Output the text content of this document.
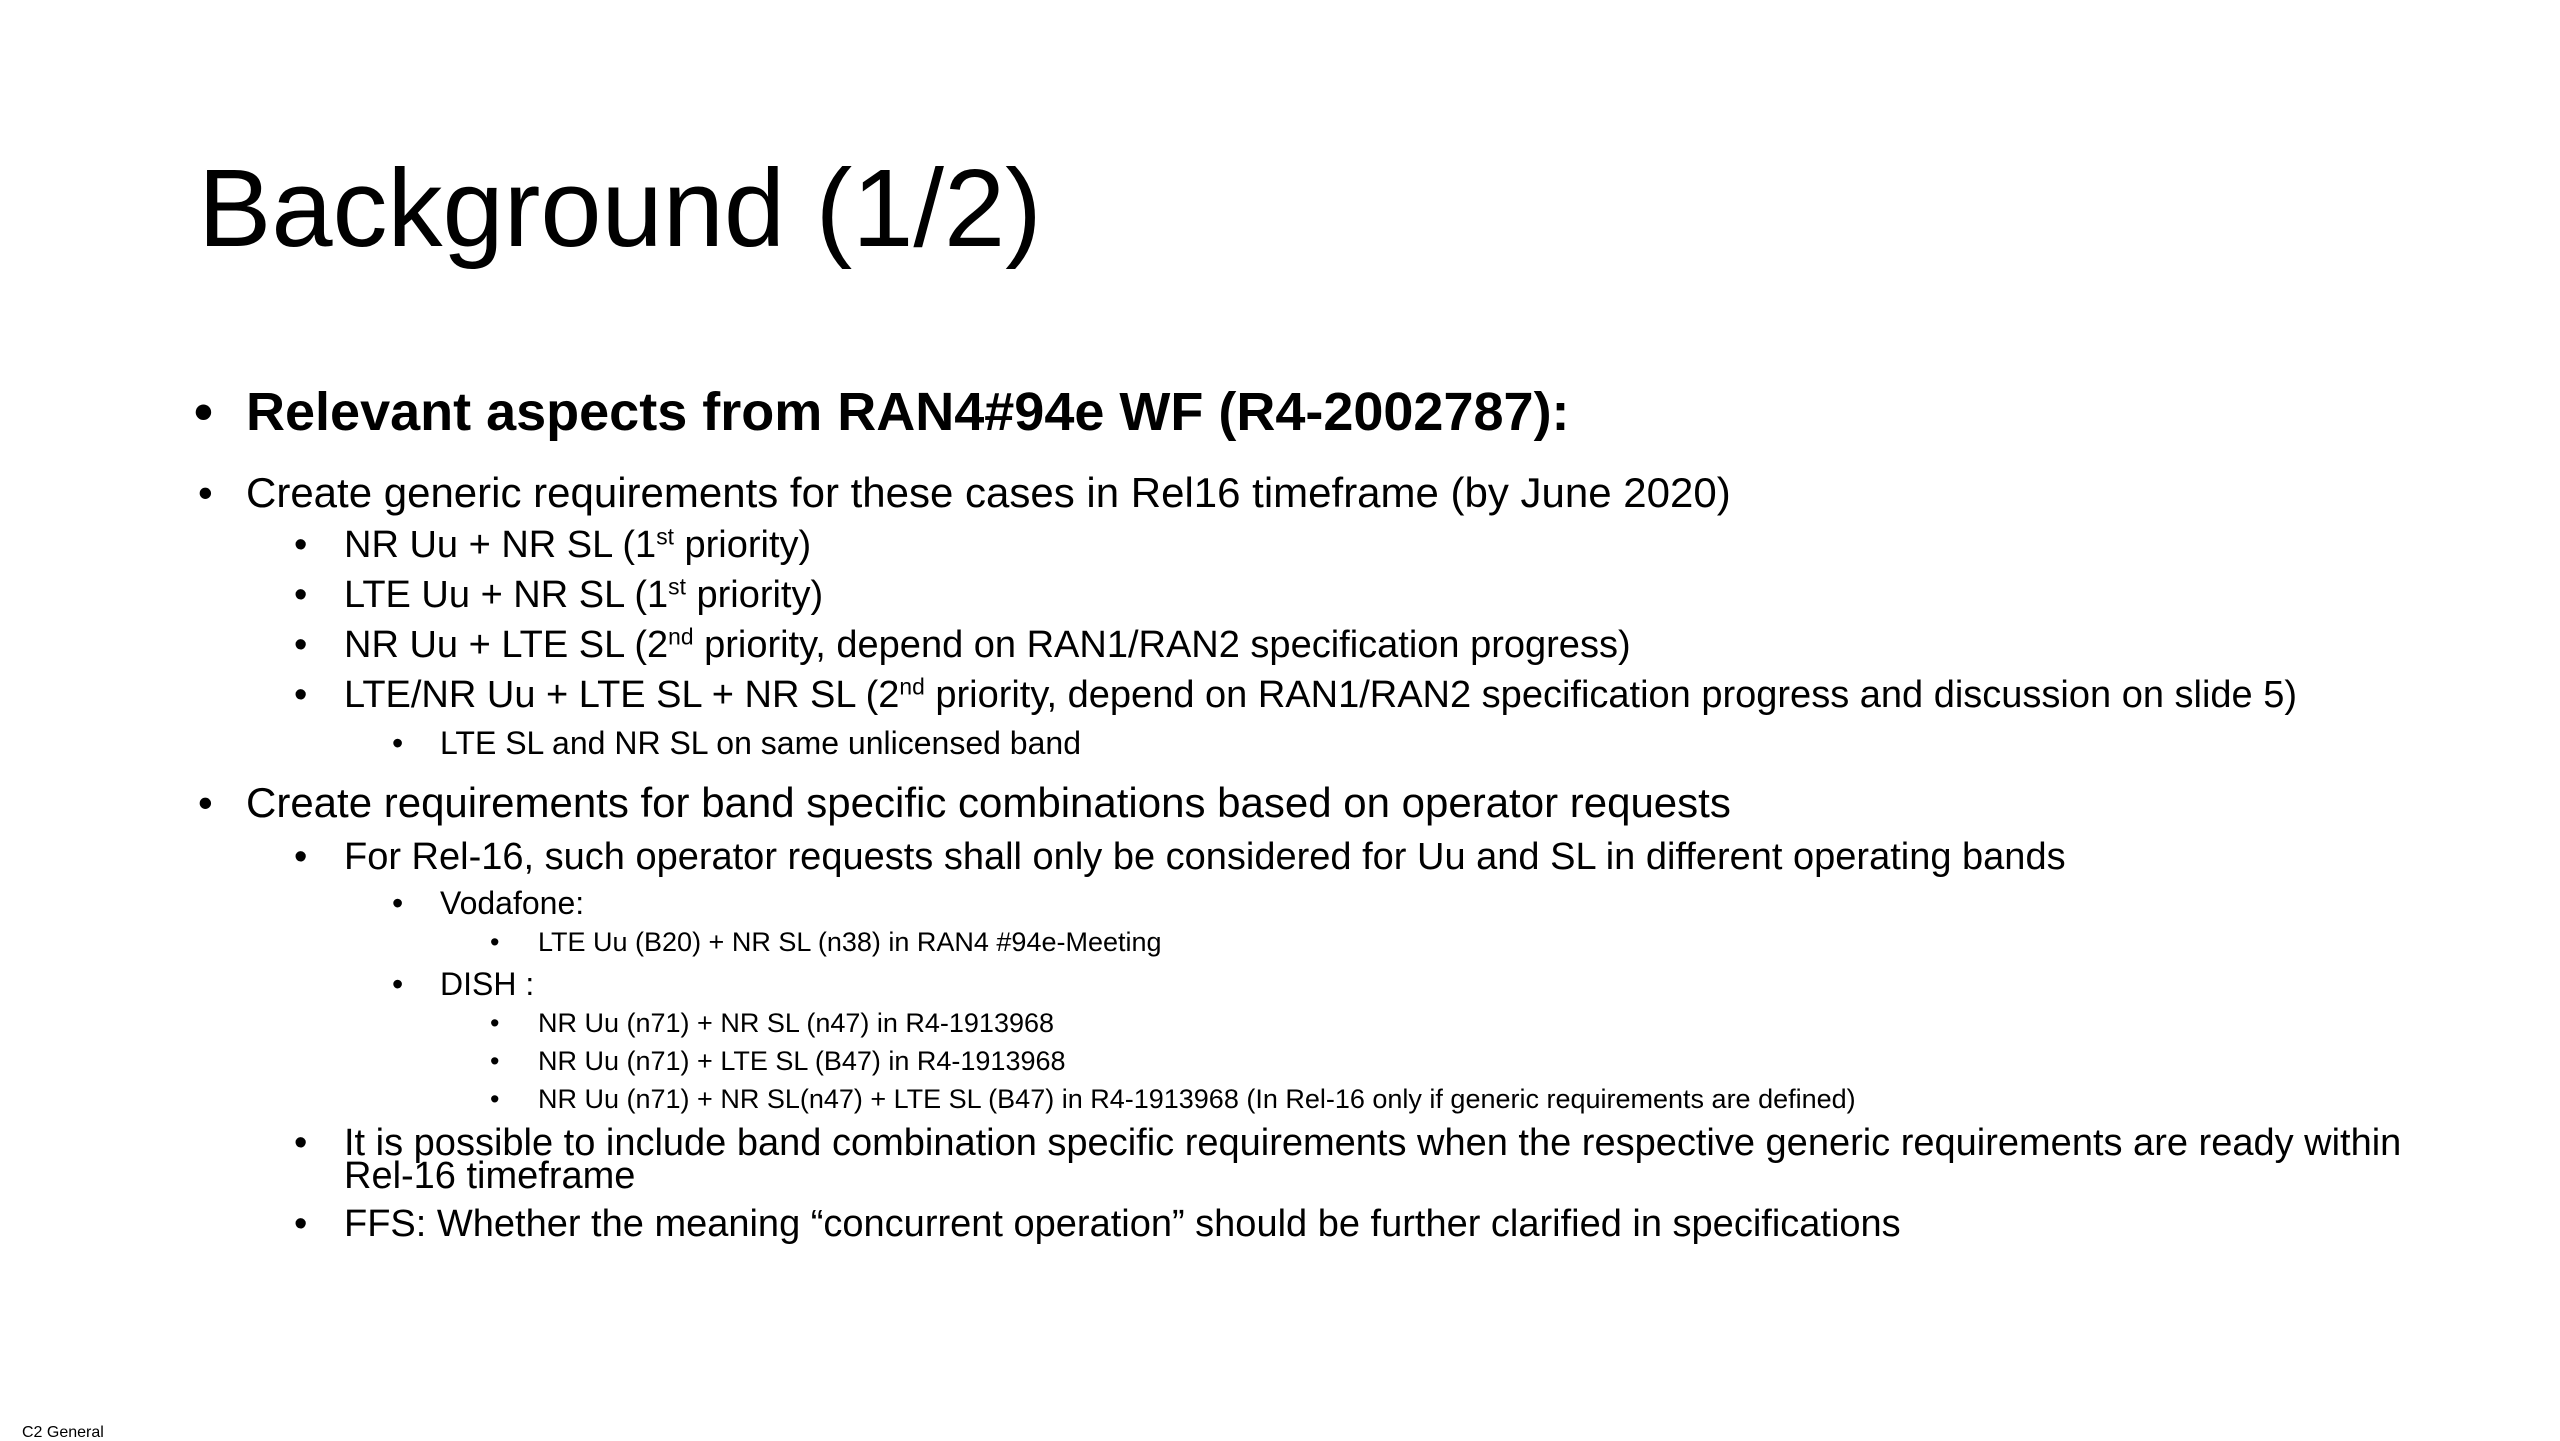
Background (1/2)
• Relevant aspects from RAN4#94e WF (R4-2002787):
• Create generic requirements for these cases in Rel16 timeframe (by June 2020)
• NR Uu + NR SL (1st priority)
• LTE Uu + NR SL (1st priority)
• NR Uu + LTE SL (2nd priority, depend on RAN1/RAN2 specification progress)
• LTE/NR Uu + LTE SL + NR SL (2nd priority, depend on RAN1/RAN2 specification progress and discussion on slide 5)
• LTE SL and NR SL on same unlicensed band
• Create requirements for band specific combinations based on operator requests
• For Rel-16, such operator requests shall only be considered for Uu and SL in different operating bands
• Vodafone:
• LTE Uu (B20) + NR SL (n38) in RAN4 #94e-Meeting
• DISH :
• NR Uu (n71) + NR SL (n47) in R4-1913968
• NR Uu (n71) + LTE SL (B47) in R4-1913968
• NR Uu (n71) + NR SL(n47) + LTE SL (B47) in R4-1913968 (In Rel-16 only if generic requirements are defined)
• It is possible to include band combination specific requirements when the respective generic requirements are ready within
Rel-16 timeframe
• FFS: Whether the meaning “concurrent operation” should be further clarified in specifications
C2 General
